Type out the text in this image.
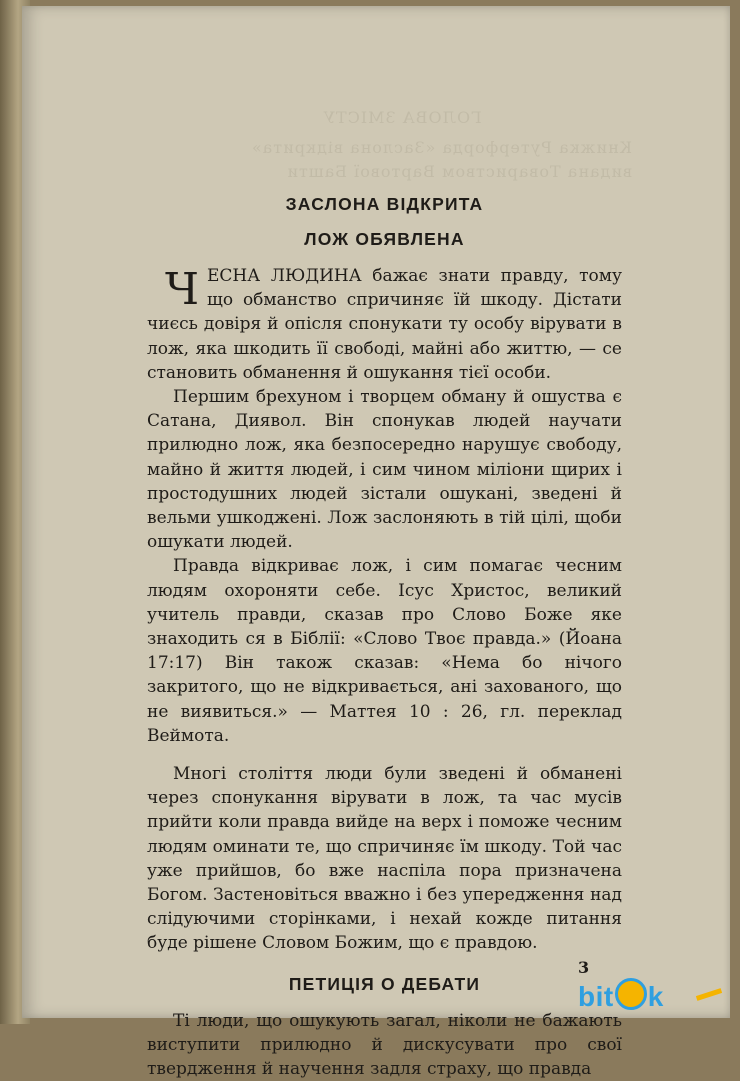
ГОЛОВА ЗМІСТУ
Книжка Рутерфорда «Заслона відкрита»
видана Товариством Вартової Башти
ЗАСЛОНА ВІДКРИТА
ЛОЖ ОБЯВЛЕНА

Ч ЕСНА ЛЮДИНА бажає знати правду, тому що обманство спричиняє їй шкоду. Дістати чиєсь довіря й опісля спонукати ту особу вірувати в лож, яка шкодить її свободі, майні або життю, — се становить обманення й ошукання тієї особи.

Першим брехуном і творцем обману й ошуства є Сатана, Диявол. Він спонукав людей научати прилюдно лож, яка безпосередно нарушує свободу, майно й життя людей, і сим чином міліони щирих і простодушних людей зістали ошукані, зведені й вельми ушкоджені. Лож заслоняють в тій цілі, щоби ошукати людей.

Правда відкриває лож, і сим помагає чесним людям охороняти себе. Ісус Христос, великий учитель правди, сказав про Слово Боже яке знаходить ся в Біблії: «Слово Твоє правда.» (Йоана 17:17) Він також сказав: «Нема бо нічого закритого, що не відкривається, ані захованого, що не виявиться.» — Маттея 10 : 26, гл. переклад Веймота.

Многі століття люди були зведені й обманені через спонукання вірувати в лож, та час мусів прийти коли правда вийде на верх і поможе чесним людям оминати те, що спричиняє їм шкоду. Той час уже прийшов, бо вже наспіла пора призначена Богом. Застеновіться вважно і без упередження над слідуючими сторінками, і нехай кожде питання буде рішене Словом Божим, що є правдою.

ПЕТИЦІЯ О ДЕБАТИ

Ті люди, що ошукують загал, ніколи не бажають виступити прилюдно й дискусувати про свої твердження й научення задля страху, що правда

3
bit k
